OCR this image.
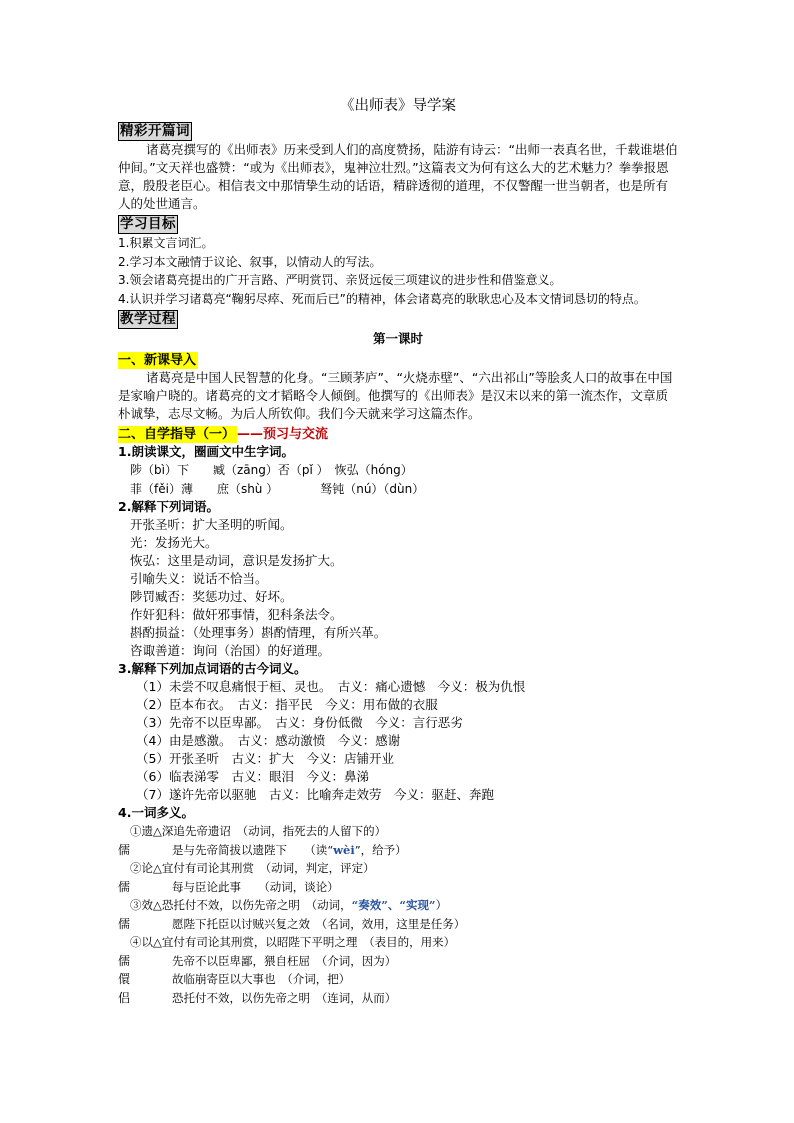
《出师表》导学案
精彩开篇词

诸葛亮撰写的《出师表》历来受到人们的高度赞扬，陆游有诗云：“出师一表真名世，千载谁堪伯仲间。”文天祥也盛赞：“或为《出师表》，鬼神泣壮烈。”这篇表文为何有这么大的艺术魅力？拳拳报恩意，殷殷老臣心。相信表文中那情挚生动的话语，精辟透彻的道理，不仅警醒一世当朝者，也是所有人的处世通言。

学习目标

1.积累文言词汇。

2.学习本文融情于议论、叙事，以情动人的写法。

3.领会诸葛亮提出的广开言路、严明赏罚、亲贤远佞三项建议的进步性和借鉴意义。

4.认识并学习诸葛亮“鞠躬尽瘁、死而后已”的精神，体会诸葛亮的耿耿忠心及本文情词恳切的特点。

教学过程
第一课时
一、新课导入

诸葛亮是中国人民智慧的化身。“三顾茅庐”、“火烧赤壁”、“六出祁山”等脍炙人口的故事在中国是家喻户晓的。诸葛亮的文才韬略令人倾倒。他撰写的《出师表》是汉末以来的第一流杰作，文章质朴诚挚，志尽文畅。为后人所钦仰。我们今天就来学习这篇杰作。

二、自学指导（一） ——预习与交流
1.朗读课文，圈画文中生字词。
陟（bì）下　　臧（zāng）否（pǐ ）　恢弘（hóng）
菲（fěi）薄　　庶（shù ）　　　　驽钝（nú）（dùn）
2.解释下列词语。

开张圣听：扩大圣明的听闻。

光：发扬光大。

恢弘：这里是动词，意识是发扬扩大。

引喻失义：说话不恰当。

陟罚臧否：奖惩功过、好坏。

作奸犯科：做奸邪事情，犯科条法令。

斟酌损益：（处理事务）斟酌情理，有所兴革。

咨诹善道：询问（治国）的好道理。

3.解释下列加点词语的古今词义。

（1）未尝不叹息痛恨于桓、灵也。　古义：痛心遗憾　今义：极为仇恨

（2）臣本布衣。　古义：指平民　今义：用布做的衣服

（3）先帝不以臣卑鄙。　古义：身份低微　今义：言行恶劣

（4）由是感激。　古义：感动激愤　今义：感谢

（5）开张圣听　古义：扩大　今义：店铺开业

（6）临表涕零　古义：眼泪　今义：鼻涕

（7）遂许先帝以驱驰　古义：比喻奔走效劳　今义：驱赶、奔跑

4.一词多义。
①遗△深追先帝遗诏　（动词，指死去的人留下的）
儒	是与先帝简拔以遗陛下　　（读“wèi”，给予）
②论△宜付有司论其刑赏　（动词，判定，评定）
儒	每与臣论此事　　（动词，谈论）
③效△恐托付不效，以伤先帝之明　（动词，“奏效”、“实现”）
儒	愿陛下托臣以讨贼兴复之效　（名词，效用，这里是任务）
④以△宜付有司论其刑赏，以昭陛下平明之理　（表目的，用来）
儒	先帝不以臣卑鄙，猥自枉屈　（介词，因为）
儇	故临崩寄臣以大事也　（介词，把）
侣	恐托付不效，以伤先帝之明　（连词，从而）
